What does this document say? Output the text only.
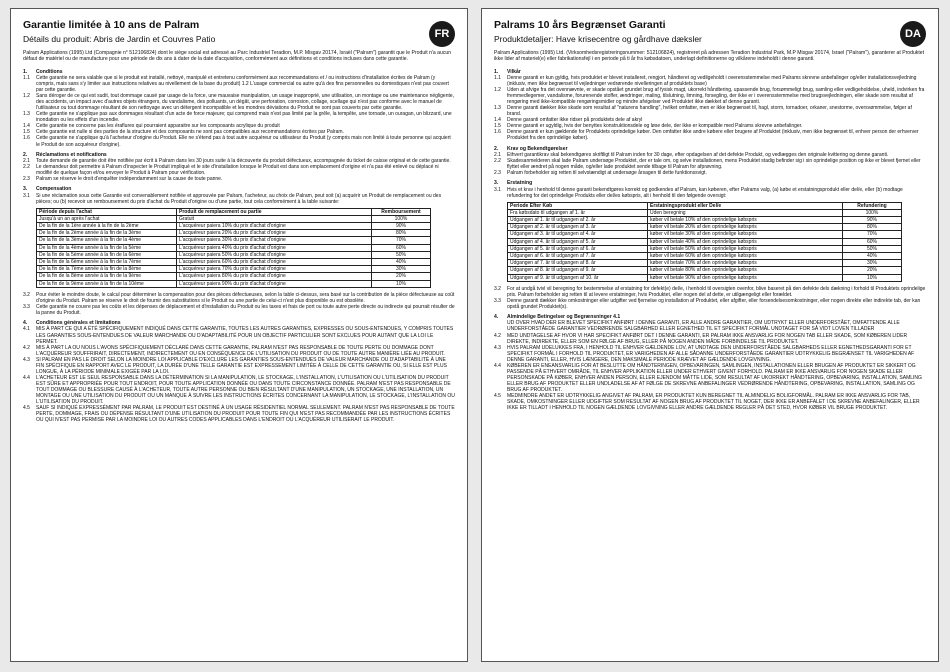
FR
Garantie limitée à 10 ans de Palram
Détails du produit: Abris de Jardin et Couvres Patio

Palram Applications (1995) Ltd (Compagnie n° 512106824) dont le siège social est adressé au Parc Industriel Teradion, M.P. Misgav 20174, Israël ("Palram") garantit que le Produit n'a aucun défaut de matériel ou de manufacture pour une période de dix ans à dater de la date d'acquisition, conformément aux définitions et conditions incluses dans cette garantie.

1.	Conditions
1.1	Cette garantie ne sera valable que si le produit est installé, nettoyé, manipulé et entretenu conformément aux recommandations et / ou instructions d'installation écrites de Palram (y compris, mais sans s'y limiter aux instructions relatives au nivellement de la base du produit) 1.2 L'usage commercial ou autre qu'à des fins personnelles ou domestiques n'est pas couvert par cette garantie.
1.2	Sans déroger de ce qui est sudit, tout dommage causé par usage de la force, une mauvaise manipulation, un usage inapproprié, une utilisation, un montage ou une maintenance négligente, des accidents, un impact avec d'autres objets étrangers, du vandalisme, des polluants, un dégât, une perforation, corrosion, collage, scellage qui n'est pas conforme avec le manuel de l'utilisateur ou tout dommage résultant de son nettoyage avec un détergent incompatible et les mondres déviations du Produit ne sont pas couverts par cette garantie.
1.3	Cette garantie ne s'applique pas aux dommages résultant d'un acte de force majeure; qui comprend mais n'est pas limité par la grêle, la tempête, une tornade, un ouragan, un blizzard, une inondation ou les effets d'un incendie.
1.4	Cette garantie ne concerne pas les éraflures qui pourraient apparaitre sur les composants acrylique du produit
1.5	Cette garantie est nulle si des parties de la structure et des composants ne sont pas compatibles aux recommandations écrites par Palram.
1.6	Cette garantie ne s'applique qu'à l'acheteur d'origine du Produit. Elle ne s'étend pas à tout autre acquéreur ou utilisateur du Produit (y compris mais non limité à toute personne qui acquiert le Produit de son acquéreur d'origine).
2.	Réclamations et notifications
2.1	Toute demande de garantie doit être notifiée par écrit à Palram dans les 30 jours suite à la découverte du produit défectueux, accompagnée du ticket de caisse original et de cette garantie.
2.2	Le demandeur doit permettre à Palram d'inspecter le Produit impliqué et le site d'installation lorsque le Produit est dans son emplacement d'origine et n'a pas été enlevé ou déplacé ni modifié de quelque façon et/ou envoyer le Produit à Palram pour vérification.
2.3	Palram se réserve le droit d'enquêter indépendamment sur la cause de toute panne.
3.	Compensation
3.1	Si une réclamation sous cette Garantie est convenablement notifiée et approuvée par Palram, l'acheteur, au choix de Palram, peut soit (a) acquérir un Produit de remplacement ou des pièces; ou (b) recevoir un remboursement du prix d'achat du Produit d'origine ou d'une partie, tout cela conformément à la table suivante:
Période depuis l'achat	Produit de remplacement ou partie	Remboursement
Jusqu'à un an après l'achat	Gratuit	100%
De la fin de la 1ère année à la fin de la 2ème	L'acquéreur paiera 10% du prix d'achat d'origine	90%
De la fin de la 2ème année à la fin de la 3ème	L'acquéreur paiera 20% du prix d'achat d'origine	80%
De la fin de la 3ème année à la fin de la 4ème	L'acquéreur paiera 30% du prix d'achat d'origine	70%
De la fin de la 4ème année à la fin de la 5ème	L'acquéreur paiera 40% du prix d'achat d'origine	60%
De la fin de la 5ème année à la fin de la 6ème	L'acquéreur paiera 50% du prix d'achat d'origine	50%
De la fin de la 6ème année à la fin de la 7ème	L'acquéreur paiera 60% du prix d'achat d'origine	40%
De la fin de la 7ème année à la fin de la 8ème	L'acquéreur paiera 70% du prix d'achat d'origine	30%
De la fin de la 8ème année à la fin de la 9ème	L'acquéreur paiera 80% du prix d'achat d'origine	20%
De la fin de la 9ème année à la fin de la 10ème	L'acquéreur paiera 90% du prix d'achat d'origine	10%
3.2	Pour éviter le moindre doute, le calcul pour déterminer la compensation pour des pièces défectueuses, selon la table ci-dessus, sera basé sur la contribution de la pièce défectueuse au coût d'origine du Produit. Palram se réserve le droit de fournir des substitutions si le Produit ou une partie de celui-ci n'est plus disponible ou est obsolète.
3.3	Cette garantie ne couvre pas les coûts et les dépenses de déplacement et d'installation du Produit ou les taxes et frais de port ou toute autre perte directe ou indirecte qui pourrait résulter de la panne du Produit.
4.	Conditions générales et limitations
4.1	MIS À PART CE QUI A ÉTÉ SPÉCIFIQUEMENT INDIQUÉ DANS CETTE GARANTIE, TOUTES LES AUTRES GARANTIES, EXPRESSES OU SOUS-ENTENDUES, Y COMPRIS TOUTES LES GARANTIES SOUS-ENTENDUES DE VALEUR MARCHANDE OU D'ADAPTABILITÉ POUR UN OBJECTIF PARTICULIER SONT EXCLUES POUR AUTANT QUE LA LOI LE PERMET.
4.2	MIS À PART LA OU NOUS L'AVONS SPÉCIFIQUEMENT DÉCLARÉ DANS CETTE GARANTIE, PALRAM N'EST PAS RESPONSABLE DE TOUTE PERTE OU DOMMAGE DONT L'ACQUÉREUR SOUFFRIRAIT, DIRECTEMENT, INDIRECTEMENT OU EN CONSÉQUENCE DE L'UTILISATION DU PRODUIT OU DE TOUTE AUTRE MANIÈRE LIÉE AU PRODUIT.
4.3	SI PALRAM EN PAS LE DROIT SELON LA MOINDRE LOI APPLICABLE D'EXCLURE LES GARANTIES SOUS-ENTENDUES DE VALEUR MARCHANDE OU D'ADAPTABILITÉ À UNE FIN SPÉCIFIQUE EN RAPPORT AVEC LE PRODUIT, LA DURÉE D'UNE TELLE GARANTIE EST EXPRESSEMENT LIMITÉE À CELLE DE CETTE GARANTIE OU, SI ELLE EST PLUS LONGUE, À LA PÉRIODE MINIMALE EXIGÉE PAR LA LOI.
4.4	L'ACHETEUR EST LE SEUL RESPONSABLE DANS LA DÉTERMINATION SI LA MANIPULATION, LE STOCKAGE, L'INSTALLATION, L'UTILISATION OU L'UTILISATION DU PRODUIT EST SÛRE ET APPROPRIÉE POUR TOUT ENDROIT, POUR TOUTE APPLICATION DONNÉE OU DANS TOUTE CIRCONSTANCE DONNÉE. PALRAM N'EST PAS RESPONSABLE DE TOUT DOMMAGE OU BLESSURE CAUSÉ À L'ACHETEUR, TOUTE AUTRE PERSONNE OU BIEN RÉSULTANT D'UNE MANIPULATION, UN STOCKAGE, UNE INSTALLATION, UN MONTAGE OU UNE UTILISATION DU PRODUIT OU UN MANQUE À SUIVRE LES INSTRUCTIONS ÉCRITES CONCERNANT LA MANIPULATION, LE STOCKAGE, L'INSTALLATION OU L'UTILISATION DU PRODUIT.
4.5	SAUF SI INDIQUÉ EXPRESSÉMENT PAR PALRAM, LE PRODUIT EST DESTINÉ À UN USAGE RÉSIDENTIEL NORMAL SEULEMENT. PALRAM N'EST PAS RESPONSABLE DE TOUTE PERTE, DOMMAGE, FRAIS OU DÉPENSE RÉSULTANT D'UNE UTILISATION DU PRODUIT POUR TOUTE FIN QUI N'EST PAS RECOMMANDÉE PAR LES INSTRUCTIONS ÉCRITES OU QUI N'EST PAS PERMISE PAR LA MOINDRE LOI OU AUTRES CODES APPLICABLES DANS L'ENDROIT OU L'ACQUÉREUR UTILISERAIT LE PRODUIT.
DA
Palrams 10 års Begrænset Garanti
Produktdetaljer: Have krisecentre og gårdhave dæksler

Palram Applications (1995) Ltd. (Virksomhedsregistreringsnummer: 512106824), registreret på adressen Teradion Industrial Park, M.P Misgav 20174, Israel ("Palram"), garanterer at Produktet ikke lider af materiel(e) eller fabrikationsfejl i en periode på ti år fra købsdatoen, underlagt definitionerne og vilkårene indeholdt i denne garanti.

1.	Vilkår
1.1	Denne garanti er kun gyldig, hvis produktet er blevet installeret, rengjort, håndteret og vedligeholdt i overensstemmelse med Palrams skrevne anbefalinger og/eller installationsvejledning (inklusiv, men ikke begrænset til vejledninger vedrørende nivelleringen af produktets base)
1.2	Uden at afvige fra det ovennævnte, er skade opstået grundet brug af fysisk magt, ukorrekt håndtering, upassende brug, forsømmeligt brug, samling eller vedligeholdelse, uheld, indvirken fra fremmedlegemer, vandalisme, forurenende stoffer, ændringer, maling, tilslutning, limning, forsegling, der ikke er i overensstemmelse med brugsvejledningen, eller skade som resultat af rengøring med ikke-kompatible rengøringsmidler og mindre afvigelser ved Produktet ikke dækket af denne garanti.
1.3	Denne garanti dækker ikke skade som resultat af "naturens handling", hvilket omfatter, men er ikke begrænset til, hagl, storm, tornadoer, orkaner, snestorme, oversvømmelse, følger af brand.
1.4	Denne garanti omfatter ikke ridser på produktets dele af akryl
1.5	Denne garanti er ugyldig, hvis der benyttes konstruktionsdele og løse dele, der ikke er kompatible med Palrams skrevne anbefalinger.
1.6	Denne garanti er kun gældende for Produktets oprindelige køber. Den omfatter ikke andre købere eller brugere af Produktet (inklusiv, men ikke begrænset til, enhver person der erhverver Produktet fra den oprindelige køber).
2.	Krav og Bekendtgørelser
2.1	Ethvert garantikrav skal bekendtgøres skriftligt til Palram inden for 30 dage, efter opdagelsen af det defekte Produkt, og vedlægges den originale kvittering og denne garanti.
2.2	Skadesanmelderen skal lade Palram undersøge Produktet, der er tale om, og selve installationen, mens Produktet stadig befinder sig i sin oprindelige position og ikke er blevet fjernet eller flyttet eller ændret på nogen måde, og/eller lade produktet sende tilbage til Palram for afprøvning.
2.3	Palram forbeholder sig retten til selvstændigt at undersøge årsagen til dette funktionssvigt.
3.	Erstatning
3.1	Hvis et krav i henhold til denne garanti bekendtgøres korrekt og godkendes af Palram, kan køberen, efter Palrams valg, (a) købe et erstatningsprodukt eller del/e, eller (b) modtage refundering for det oprindelige Produkts eller del/es købspris, alt i henhold til den følgende oversigt:
Periode Efter Køb	Erstatningsprodukt eller Del/e	Refundering
Fra købsdato til udgangen af 1. år	Uden beregning	100%
Udgangen af 1. år til udgangen af 2. år	køber vil betale 10% af den oprindelige købspris	90%
Udgangen af 2. år til udgangen af 3. år	køber vil betale 20% af den oprindelige købspris	80%
Udgangen af 3. år til udgangen af 4. år	køber vil betale 30% af den oprindelige købspris	70%
Udgangen af 4. år til udgangen af 5. år	køber vil betale 40% af den oprindelige købspris	60%
Udgangen af 5. år til udgangen af 6. år	køber vil betale 50% af den oprindelige købspris	50%
Udgangen af 6. år til udgangen af 7. år	køber vil betale 60% af den oprindelige købspris	40%
Udgangen af 7. år til udgangen af 8. år	køber vil betale 70% af den oprindelige købspris	30%
Udgangen af 8. år til udgangen af 9. år	køber vil betale 80% af den oprindelige købspris	20%
Udgangen af 9. år til udgangen af 10. år	køber vil betale 90% af den oprindelige købspris	10%
3.2	For at undgå tvivl vil beregning for bestemmelse af erstatning for defekt(e) del/e, i henhold til oversigten ovenfor, blive baseret på den defekte dels dækning i forhold til Produktets oprindelige pris. Palram forbeholder sig retten til at levere erstatninger, hvis Produktet, eller nogen del af dette, er utilgængeligt eller forældet.
3.3	Denne garanti dækker ikke omkostninger eller udgifter ved fjernelse og installation af Produktet, eller afgifter, eller forsendelsesomkostninger, eller nogen direkte eller indirekte tab, der kan opstå grundet Produktet(s).
4.	Almindelige Betingelser og Begrænsninger 4.1
UD OVER HVAD DER ER BLEVET SPECIFIKT ANFØRT I DENNE GARANTI, ER ALLE ANDRE GARANTIER, OM UDTRYKT ELLER UNDERFORSTÅET, OMFATTENDE ALLE UNDERFORSTÅEDE GARANTIER VEDRØRENDE SALGBARHED ELLER EGNETHED TIL ET SPECIFIKT FORMÅL UNDTAGET FOR SÅ VIDT LOVEN TILLADER
4.2	MED UNDTAGELSE AF HVOR VI HAR SPECIFIKT ANFØRT DET I DENNE GARANTI, ER PALRAM IKKE ANSVARLIG FOR NOGEN TAB ELLER SKADE, SOM KØBEREN LIDER DIREKTE, INDIREKTE, ELLER SOM EN FØLGE AF BRUG, ELLER PÅ NOGEN ANDEN MÅDE FORBINDELSE TIL PRODUKTET.
4.3	HVIS PALRAM UDELUKKES FRA, I HENHOLD TIL ENHVER GÆLDENDE LOV, AT UNDTAGE DEN UNDERFORSTÅEDE SALGBARHEDS ELLER EGNETHEDSGARANTI FOR ET SPECIFIKT FORMÅL I FORHOLD TIL PRODUKTET, ER VARIGHEDEN AF ALLE SÅDANNE UNDERFORSTÅEDE GARANTIER UDTRYKKELIG BEGRÆNSET TIL VARIGHEDEN AF DENNE GARANTI, ELLER, HVIS LÆNGERE, DEN MAKSIMALE PERIODE KRÆVET AF GÆLDENDE LOVGIVNING.
4.4	KØBEREN ER ENEANSVARLIG FOR AT BESLUTTE OM HÅNDTERINGEN, OPBEVARINGEN, SAMLINGEN, INSTALLATIONEN ELLER BRUGEN AF PRODUKTET ER SIKKERT OG PASSENDE PÅ ETHVERT OMRÅDE, TIL ENHVER APPLIKATION ELLER UNDER ETHVERT GIVENT FORHOLD. PALRAM ER IKKE ANSVARLIG FOR NOGEN SKADE ELLER PERSONSKADE PÅ KØBER, ENHVER ANDEN PERSON, ELLER EJENDOM MÅTTE LIDE, SOM RESULTAT AF UKORREKT HÅNDTERING, OPBEVARING, INSTALLATION, SAMLING ELLER BRUG AF PRODUKTET ELLER UNDLADELSE AF AT FØLGE DE SKREVNE ANBEFALINGER VEDRØRENDE HÅNDTERING, OPBEVARING, INSTALLATION, SAMLING OG BRUG AF PRODUKTET.
4.5	MEDMINDRE ANDET ER UDTRYKKELIG ANGIVET AF PALRAM, ER PRODUKTET KUN BEREGNET TIL ALMINDELIG BOLIGFORMÅL. PALRAM ER IKKE ANSVARLIG FOR TAB, SKADE, OMKOSTNINGER ELLER UDGIFTER SOM RESULTAT AF NOGEN BRUG AF PRODUKTET TIL NOGET, DER IKKE ER ANBEFALET I DE SKREVNE ANBEFALINGER, ELLER IKKE ER TILLADT I HENHOLD TIL NOGEN GÆLDENDE LOVGIVNING ELLER ANDRE GÆLDENDE REGLER PÅ DET STED, HVOR KØBER VIL BRUGE PRODUKTET.
